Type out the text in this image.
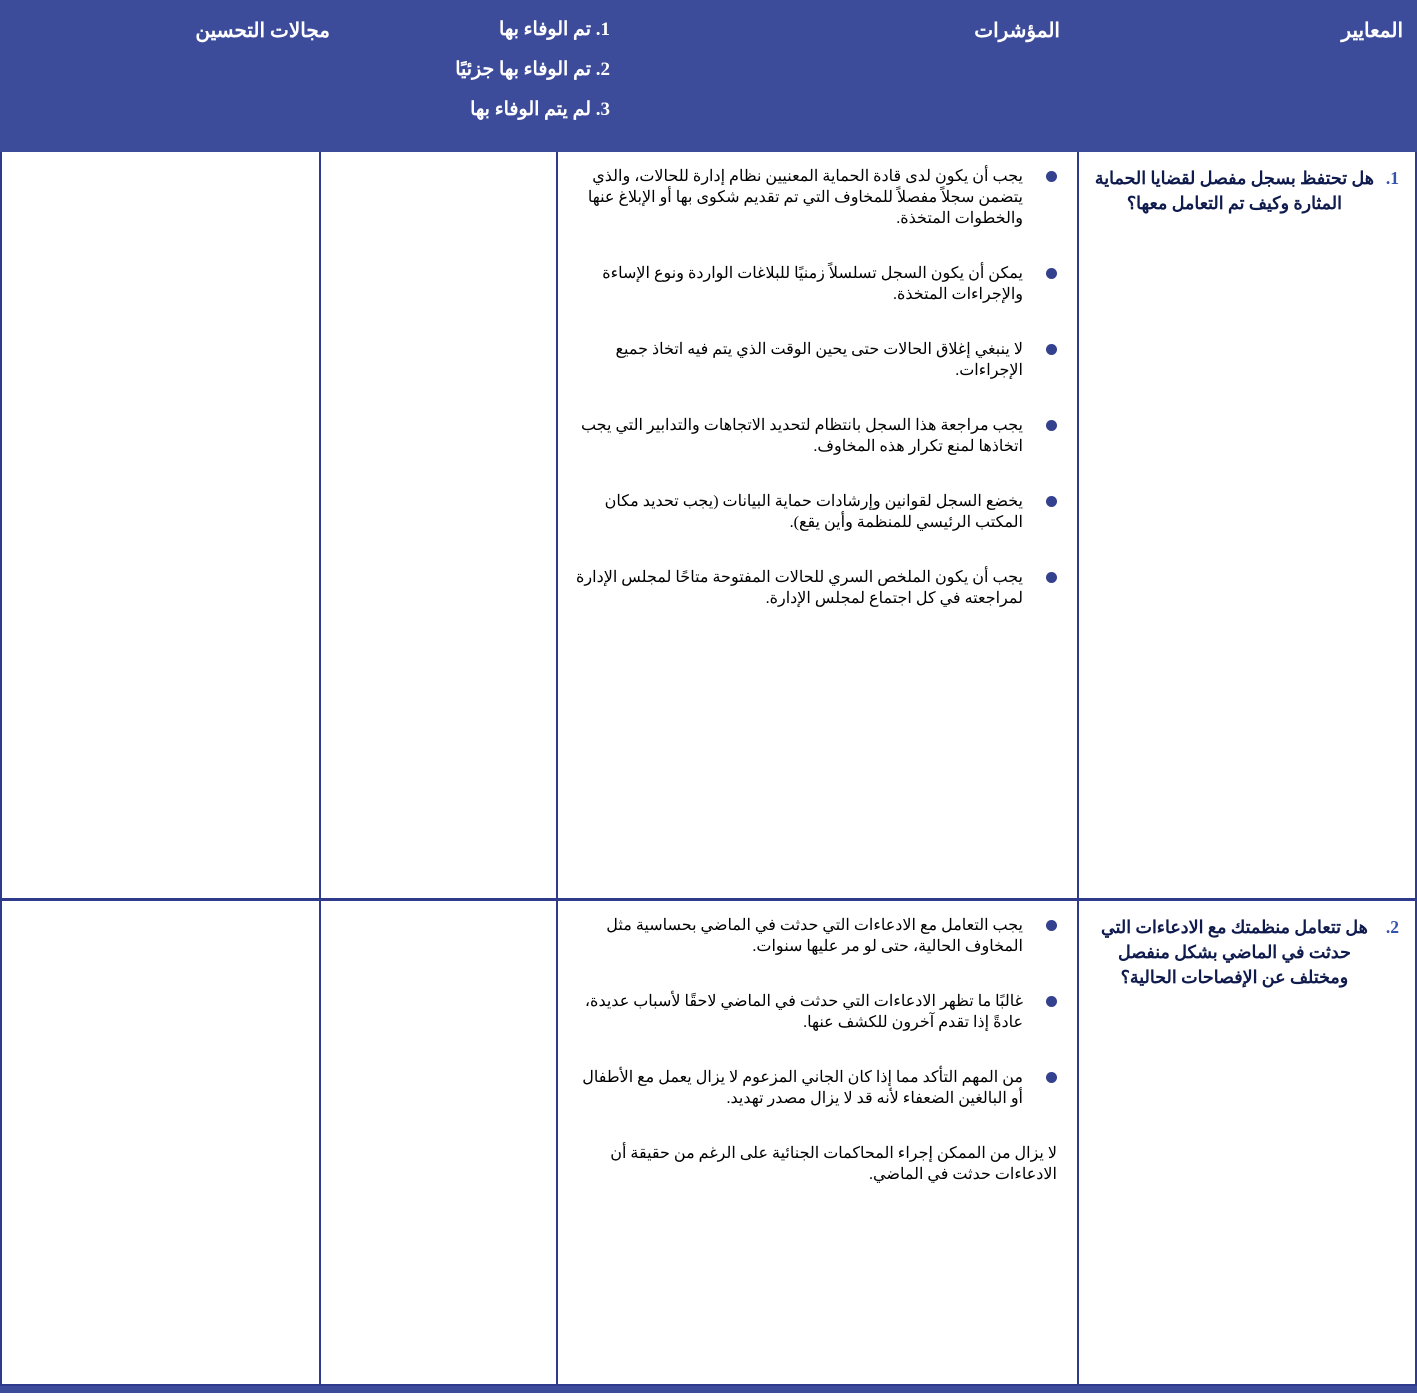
المعايير
المؤشرات
1. تم الوفاء بها
2. تم الوفاء بها جزئيًا
3. لم يتم الوفاء بها
مجالات التحسين
1.
هل تحتفظ بسجل مفصل لقضايا الحماية المثارة وكيف تم التعامل معها؟
يجب أن يكون لدى قادة الحماية المعنيين نظام إدارة للحالات، والذي يتضمن سجلاً مفصلاً للمخاوف التي تم تقديم شكوى بها أو الإبلاغ عنها والخطوات المتخذة.
يمكن أن يكون السجل تسلسلاً زمنيًا للبلاغات الواردة ونوع الإساءة والإجراءات المتخذة.
لا ينبغي إغلاق الحالات حتى يحين الوقت الذي يتم فيه اتخاذ جميع الإجراءات.
يجب مراجعة هذا السجل بانتظام لتحديد الاتجاهات والتدابير التي يجب اتخاذها لمنع تكرار هذه المخاوف.
يخضع السجل لقوانين وإرشادات حماية البيانات (يجب تحديد مكان المكتب الرئيسي للمنظمة وأين يقع).
يجب أن يكون الملخص السري للحالات المفتوحة متاحًا لمجلس الإدارة لمراجعته في كل اجتماع لمجلس الإدارة.
2.
هل تتعامل منظمتك مع الادعاءات التي حدثت في الماضي بشكل منفصل ومختلف عن الإفصاحات الحالية؟
يجب التعامل مع الادعاءات التي حدثت في الماضي بحساسية مثل المخاوف الحالية، حتى لو مر عليها سنوات.
غالبًا ما تظهر الادعاءات التي حدثت في الماضي لاحقًا لأسباب عديدة، عادةً إذا تقدم آخرون للكشف عنها.
من المهم التأكد مما إذا كان الجاني المزعوم لا يزال يعمل مع الأطفال أو البالغين الضعفاء لأنه قد لا يزال مصدر تهديد.

لا يزال من الممكن إجراء المحاكمات الجنائية على الرغم من حقيقة أن الادعاءات حدثت في الماضي.
